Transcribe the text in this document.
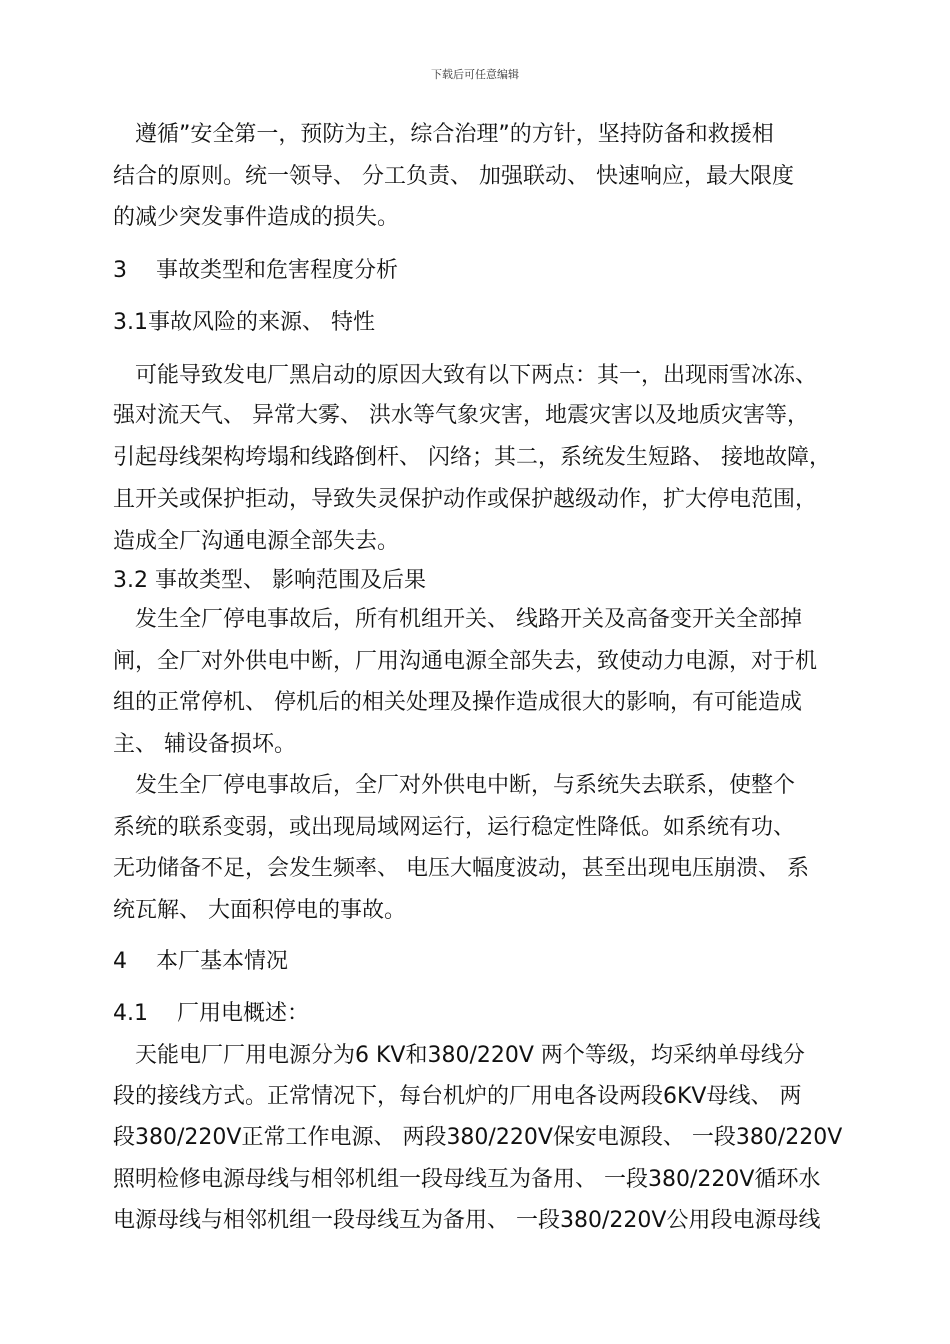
下载后可任意编辑
　遵循”安全第一，预防为主，综合治理”的方针，坚持防备和救援相
结合的原则。统一领导、 分工负责、 加强联动、 快速响应，最大限度
的减少突发事件造成的损失。
3　 事故类型和危害程度分析
3.1事故风险的来源、 特性
　可能导致发电厂黑启动的原因大致有以下两点：其一，出现雨雪冰冻、
强对流天气、 异常大雾、 洪水等气象灾害，地震灾害以及地质灾害等，
引起母线架构垮塌和线路倒杆、 闪络；其二，系统发生短路、 接地故障，
且开关或保护拒动，导致失灵保护动作或保护越级动作，扩大停电范围，
造成全厂沟通电源全部失去。
3.2 事故类型、 影响范围及后果
　发生全厂停电事故后，所有机组开关、 线路开关及高备变开关全部掉
闸，全厂对外供电中断，厂用沟通电源全部失去，致使动力电源，对于机
组的正常停机、 停机后的相关处理及操作造成很大的影响，有可能造成
主、 辅设备损坏。
　发生全厂停电事故后，全厂对外供电中断，与系统失去联系，使整个
系统的联系变弱，或出现局域网运行，运行稳定性降低。如系统有功、
无功储备不足，会发生频率、 电压大幅度波动，甚至出现电压崩溃、 系
统瓦解、 大面积停电的事故。
4　 本厂基本情况
4.1　 厂用电概述：
　天能电厂厂用电源分为6 KV和380/220V 两个等级，均采纳单母线分
段的接线方式。正常情况下，每台机炉的厂用电各设两段6KV母线、 两
段380/220V正常工作电源、 两段380/220V保安电源段、 一段380/220V
照明检修电源母线与相邻机组一段母线互为备用、 一段380/220V循环水
电源母线与相邻机组一段母线互为备用、 一段380/220V公用段电源母线
